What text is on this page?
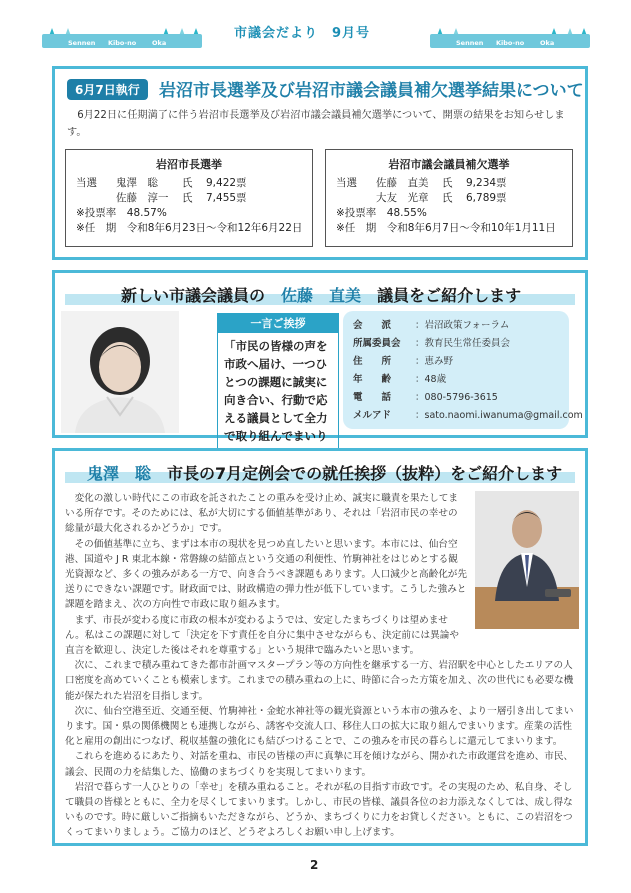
Sennen Kibo-no Oka
市議会だより　9月号
Sennen Kibo-no Oka
6月7日執行	岩沼市長選挙及び岩沼市議会議員補欠選挙結果について

6月22日に任期満了に伴う岩沼市長選挙及び岩沼市議会議員補欠選挙について、開票の結果をお知らせします。

岩沼市長選挙
当選 鬼澤　聡 氏 9,422票
佐藤　淳一 氏 7,455票
※投票率　48.57%
※任　期　令和8年6月23日〜令和12年6月22日
岩沼市議会議員補欠選挙
当選 佐藤　直美 氏 9,234票
大友　光章 氏 6,789票
※投票率　48.55%
※任　期　令和8年6月7日〜令和10年1月11日
新しい市議会議員の　 佐藤　直美　 議員をご紹介します
一言ご挨拶
「市民の皆様の声を市政へ届け、一つひとつの課題に誠実に向き合い、行動で応える議員として全力で取り組んでまいり
会　　派	：岩沼政策フォーラム
所属委員会 ：教育民生常任委員会
住　　所	：恵み野
年　　齢	：48歳
電　　話	：080-5796-3615
メルアド	：sato.naomi.iwanuma@gmail.com
鬼澤　聡　 市長の7月定例会での就任挨拶（抜粋）をご紹介します

変化の激しい時代にこの市政を託されたことの重みを受け止め、誠実に職責を果たしてまいる所存です。そのためには、私が大切にする価値基準があり、それは「岩沼市民の幸せの総量が最大化されるかどうか」です。

その価値基準に立ち、まずは本市の現状を見つめ直したいと思います。本市には、仙台空港、国道や J R 東北本線・常磐線の結節点という交通の利便性、竹駒神社をはじめとする観光資源など、多くの強みがある一方で、向き合うべき課題もあります。人口減少と高齢化が先送りにできない課題です。財政面では、財政構造の弾力性が低下しています。こうした強みと課題を踏まえ、次の方向性で市政に取り組みます。

まず、市長が変わる度に市政の根本が変わるようでは、安定したまちづくりは望めません。私はこの課題に対して「決定を下す責任を自分に集中させながらも、決定前には異論や直言を歓迎し、決定した後はそれを尊重する」という規律で臨みたいと思います。

次に、これまで積み重ねてきた都市計画マスタープラン等の方向性を継承する一方、岩沼駅を中心としたエリアの人口密度を高めていくことも模索します。これまでの積み重ねの上に、時節に合った方策を加え、次の世代にも必要な機能が保たれた岩沼を目指します。

次に、仙台空港至近、交通至便、竹駒神社・金蛇水神社等の観光資源という本市の強みを、より一層引き出してまいります。国・県の関係機関とも連携しながら、誘客や交流人口、移住人口の拡大に取り組んでまいります。産業の活性化と雇用の創出につなげ、税収基盤の強化にも結びつけることで、この強みを市民の暮らしに還元してまいります。

これらを進めるにあたり、対話を重ね、市民の皆様の声に真摯に耳を傾けながら、開かれた市政運営を進め、市民、議会、民間の力を結集した、協働のまちづくりを実現してまいります。

岩沼で暮らす一人ひとりの「幸せ」を積み重ねること。それが私の目指す市政です。その実現のため、私自身、そして職員の皆様とともに、全力を尽くしてまいります。しかし、市民の皆様、議員各位のお力添えなくしては、成し得ないものです。時に厳しいご指摘もいただきながら、どうか、まちづくりに力をお貸しください。ともに、この岩沼をつくってまいりましょう。ご協力のほど、どうぞよろしくお願い申し上げます。

2
